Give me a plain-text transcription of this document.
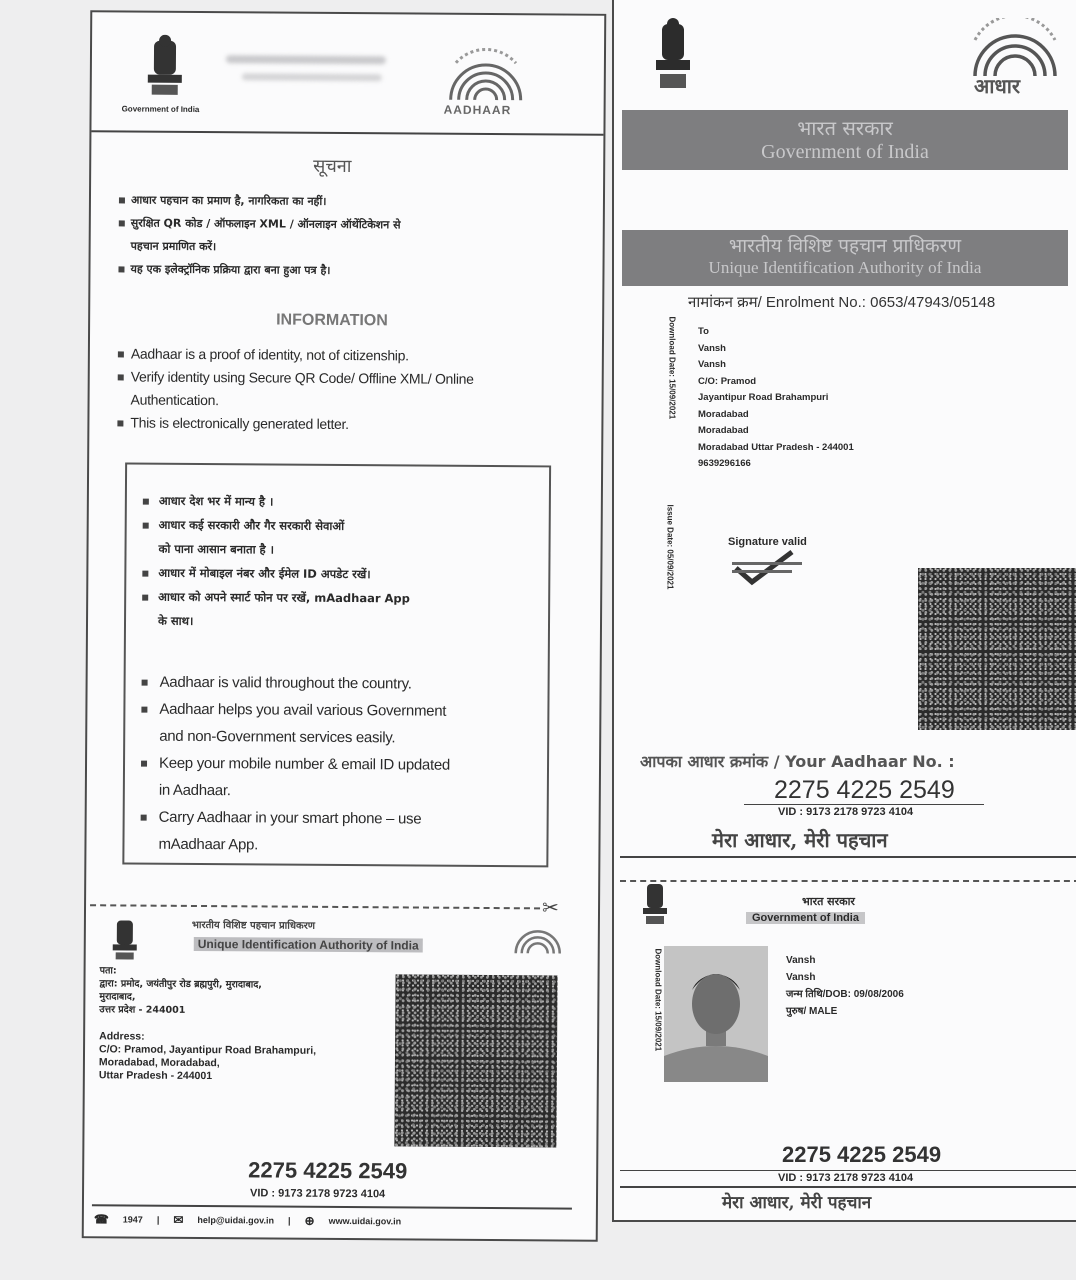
Government of India	AADHAAR
सूचना
आधार पहचान का प्रमाण है, नागरिकता का नहीं।
सुरक्षित QR कोड / ऑफलाइन XML / ऑनलाइन ऑथेंटिकेशन से
पहचान प्रमाणित करें।
यह एक इलेक्ट्रॉनिक प्रक्रिया द्वारा बना हुआ पत्र है।
INFORMATION
Aadhaar is a proof of identity, not of citizenship.
Verify identity using Secure QR Code/ Offline XML/ Online
Authentication.
This is electronically generated letter.
आधार देश भर में मान्य है ।
आधार कई सरकारी और गैर सरकारी सेवाओं
को पाना आसान बनाता है ।
आधार में मोबाइल नंबर और ईमेल ID अपडेट रखें।
आधार को अपने स्मार्ट फोन पर रखें, mAadhaar App
के साथ।
Aadhaar is valid throughout the country.
Aadhaar helps you avail various Government
and non-Government services easily.
Keep your mobile number & email ID updated
in Aadhaar.
Carry Aadhaar in your smart phone – use
mAadhaar App.
✂
भारतीय विशिष्ट पहचान प्राधिकरण
Unique Identification Authority of India
पता:
द्वारा: प्रमोद, जयंतीपुर रोड ब्रह्मपुरी, मुरादाबाद,
मुरादाबाद,
उत्तर प्रदेश - 244001
Address:
C/O: Pramod, Jayantipur Road Brahampuri,
Moradabad, Moradabad,
Uttar Pradesh - 244001
2275 4225 2549
VID : 9173 2178 9723 4104
☎ 1947 | ✉ help@uidai.gov.in | ⊕ www.uidai.gov.in
आधार
भारत सरकार
Government of India
भारतीय विशिष्ट पहचान प्राधिकरण
Unique Identification Authority of India
नामांकन क्रम/ Enrolment No.: 0653/47943/05148
Download Date: 15/09/2021
Issue Date: 05/09/2021
To
Vansh
Vansh
C/O: Pramod
Jayantipur Road Brahampuri
Moradabad
Moradabad
Moradabad Uttar Pradesh - 244001
9639296166
Signature valid
आपका आधार क्रमांक / Your Aadhaar No. :
2275 4225 2549
VID : 9173 2178 9723 4104
मेरा आधार, मेरी पहचान
भारत सरकार
Government of India
Download Date: 15/09/2021	Vansh
Vansh
जन्म तिथि/DOB: 09/08/2006
पुरुष/ MALE
2275 4225 2549
VID : 9173 2178 9723 4104
मेरा आधार, मेरी पहचान
